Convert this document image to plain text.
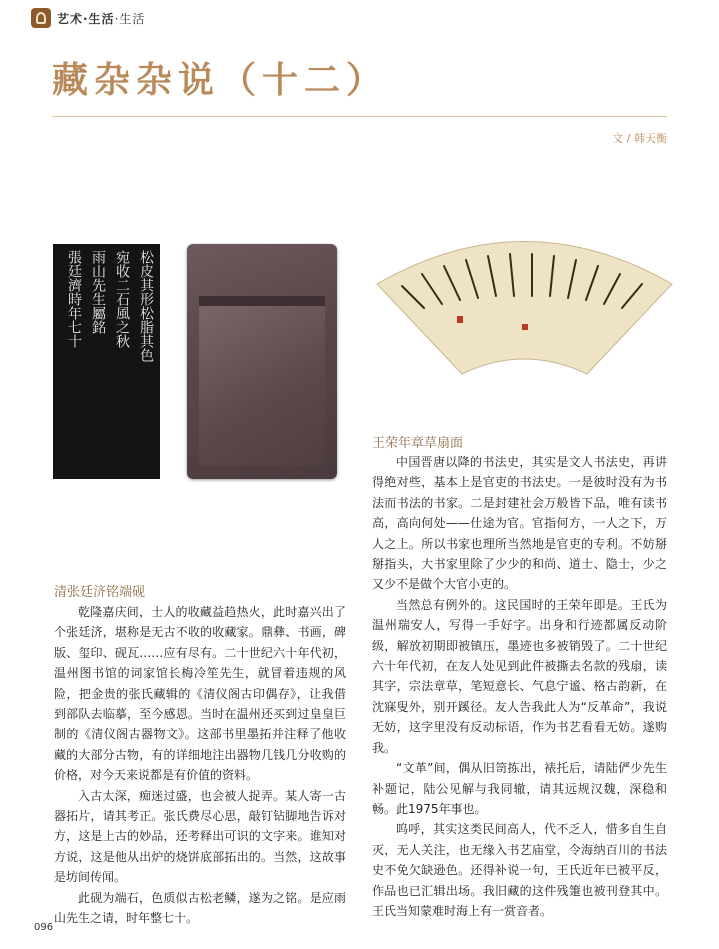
艺术·生活·生活
藏杂杂说（十二）
文 / 韩天衡
松皮其形松脂其色
宛收二石風之秋
雨山先生屬銘
張廷濟時年七十
王荣年章草扇面

中国晋唐以降的书法史，其实是文人书法史，再讲得绝对些，基本上是官吏的书法史。一是彼时没有为书法而书法的书家。二是封建社会万般皆下品，唯有读书高，高向何处——仕途为官。官指何方，一人之下，万人之上。所以书家也理所当然地是官吏的专利。不妨掰掰指头，大书家里除了少少的和尚、道士、隐士，少之又少不是做个大官小吏的。

当然总有例外的。这民国时的王荣年即是。王氏为温州瑞安人，写得一手好字。出身和行迹都属反动阶级，解放初期即被镇压，墨迹也多被销毁了。二十世纪六十年代初，在友人处见到此件被撕去名款的残扇，读其字，宗法章草，笔短意长、气息宁谧、格古韵新，在沈寐叟外，别开蹊径。友人告我此人为“反革命”，我说无妨，这字里没有反动标语，作为书艺看看无妨。遂购我。

“文革”间，偶从旧笥拣出，裱托后，请陆俨少先生补题记，陆公见解与我同辙，请其远规汉魏，深稳和畅。此1975年事也。

呜呼，其实这类民间高人，代不乏人，惜多自生自灭，无人关注，也无缘入书艺庙堂，令海纳百川的书法史不免欠缺逊色。还得补说一句，王氏近年已被平反，作品也已汇辑出场。我旧藏的这件残箑也被刊登其中。王氏当知蒙难时海上有一赏音者。

清张廷济铭端砚

乾隆嘉庆间，士人的收藏益趋热火，此时嘉兴出了个张廷济，堪称是无古不收的收藏家。鼎彝、书画，碑版、玺印、砚瓦……应有尽有。二十世纪六十年代初，温州图书馆的词家馆长梅冷笙先生，就冒着违规的风险，把金贵的张氏藏辑的《清仪阁古印偶存》，让我借到部队去临摹，至今感恩。当时在温州还买到过皇皇巨制的《清仪阁古器物文》。这部书里墨拓并注释了他收藏的大部分古物，有的详细地注出器物几钱几分收购的价格，对今天来说都是有价值的资料。

入古太深，痴迷过盛，也会被人捉弄。某人寄一古器拓片，请其考正。张氏费尽心思，敲钉钻脚地告诉对方，这是上古的妙品，还考释出可识的文字来。谁知对方说，这是他从出炉的烧饼底部拓出的。当然，这故事是坊间传闻。

此砚为端石，色质似古松老鳞，遂为之铭。是应雨山先生之请，时年整七十。

096
